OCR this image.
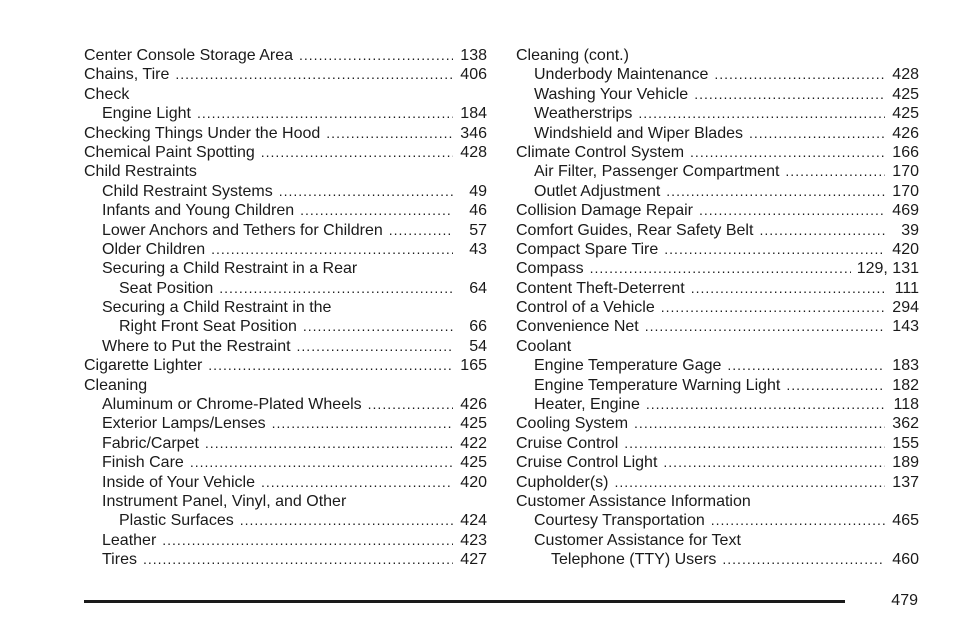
Center Console Storage Area .....	138
Chains, Tire .....	406
Check
Engine Light .....	184
Checking Things Under the Hood .....	346
Chemical Paint Spotting .....	428
Child Restraints
Child Restraint Systems .....	49
Infants and Young Children .....	46
Lower Anchors and Tethers for Children .....	57
Older Children .....	43
Securing a Child Restraint in a Rear
Seat Position .....	64
Securing a Child Restraint in the
Right Front Seat Position .....	66
Where to Put the Restraint .....	54
Cigarette Lighter .....	165
Cleaning
Aluminum or Chrome-Plated Wheels .....	426
Exterior Lamps/Lenses .....	425
Fabric/Carpet .....	422
Finish Care .....	425
Inside of Your Vehicle .....	420
Instrument Panel, Vinyl, and Other
Plastic Surfaces .....	424
Leather .....	423
Tires .....	427
Cleaning (cont.)
Underbody Maintenance .....	428
Washing Your Vehicle .....	425
Weatherstrips .....	425
Windshield and Wiper Blades .....	426
Climate Control System .....	166
Air Filter, Passenger Compartment .....	170
Outlet Adjustment .....	170
Collision Damage Repair .....	469
Comfort Guides, Rear Safety Belt .....	39
Compact Spare Tire .....	420
Compass .....	129, 131
Content Theft-Deterrent .....	111
Control of a Vehicle .....	294
Convenience Net .....	143
Coolant
Engine Temperature Gage .....	183
Engine Temperature Warning Light .....	182
Heater, Engine .....	118
Cooling System .....	362
Cruise Control .....	155
Cruise Control Light .....	189
Cupholder(s) .....	137
Customer Assistance Information
Courtesy Transportation .....	465
Customer Assistance for Text
Telephone (TTY) Users .....	460
479
